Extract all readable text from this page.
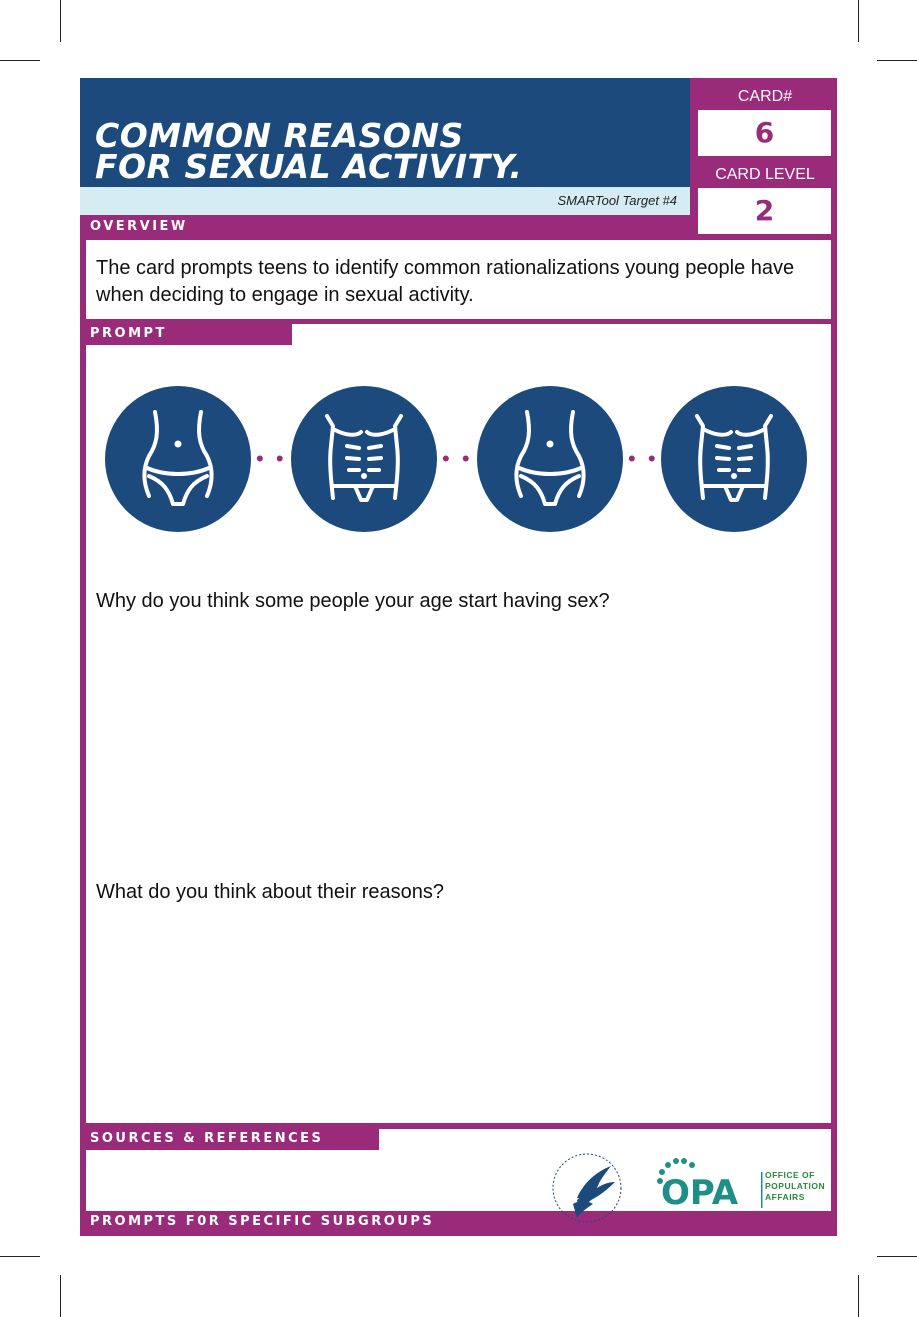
COMMON REASONS
FOR SEXUAL ACTIVITY.
SMARTool Target #4
CARD#
6
CARD LEVEL
2
OVERVIEW
The card prompts teens to identify common rationalizations young people have when deciding to engage in sexual activity.
PROMPT
• •	• •	• •
Why do you think some people your age start having sex?
What do you think about their reasons?
SOURCES & REFERENCES
PROMPTS F0R SPECIFIC SUBGROUPS
OPA	OFFICE OF
POPULATION
AFFAIRS
